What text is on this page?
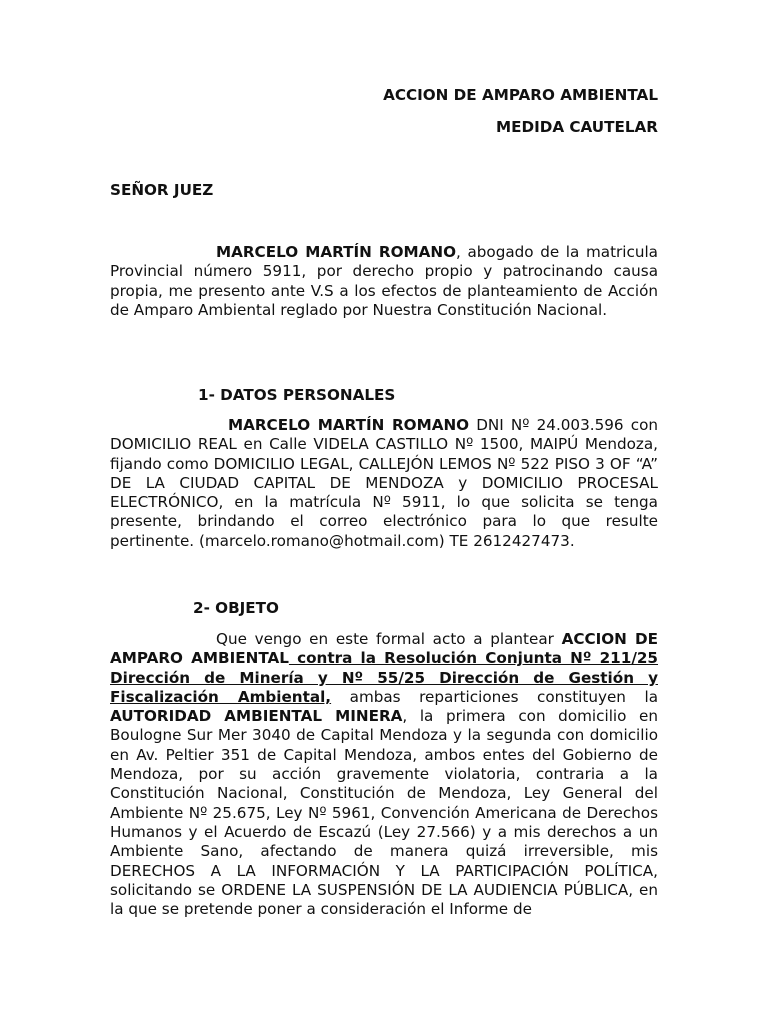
ACCION DE AMPARO AMBIENTAL
MEDIDA CAUTELAR
SEÑOR JUEZ
MARCELO MARTÍN ROMANO, abogado de la matricula Provincial número 5911, por derecho propio y patrocinando causa propia, me presento ante V.S a los efectos de planteamiento de Acción de Amparo Ambiental reglado por Nuestra Constitución Nacional.
1- DATOS PERSONALES
MARCELO MARTÍN ROMANO DNI Nº 24.003.596 con DOMICILIO REAL en Calle VIDELA CASTILLO Nº 1500, MAIPÚ Mendoza, fijando como DOMICILIO LEGAL, CALLEJÓN LEMOS Nº 522 PISO 3 OF “A” DE LA CIUDAD CAPITAL DE MENDOZA y DOMICILIO PROCESAL ELECTRÓNICO, en la matrícula Nº 5911, lo que solicita se tenga presente, brindando el correo electrónico para lo que resulte pertinente. (marcelo.romano@hotmail.com) TE 2612427473.
2- OBJETO
Que vengo en este formal acto a plantear ACCION DE AMPARO AMBIENTAL contra la Resolución Conjunta Nº 211/25 Dirección de Minería y Nº 55/25 Dirección de Gestión y Fiscalización Ambiental, ambas reparticiones constituyen la AUTORIDAD AMBIENTAL MINERA, la primera con domicilio en Boulogne Sur Mer 3040 de Capital Mendoza y la segunda con domicilio en Av. Peltier 351 de Capital Mendoza, ambos entes del Gobierno de Mendoza, por su acción gravemente violatoria, contraria a la Constitución Nacional, Constitución de Mendoza, Ley General del Ambiente Nº 25.675, Ley Nº 5961, Convención Americana de Derechos Humanos y el Acuerdo de Escazú (Ley 27.566) y a mis derechos a un Ambiente Sano, afectando de manera quizá irreversible, mis DERECHOS A LA INFORMACIÓN Y LA PARTICIPACIÓN POLÍTICA, solicitando se ORDENE LA SUSPENSIÓN DE LA AUDIENCIA PÚBLICA, en la que se pretende poner a consideración el Informe de
